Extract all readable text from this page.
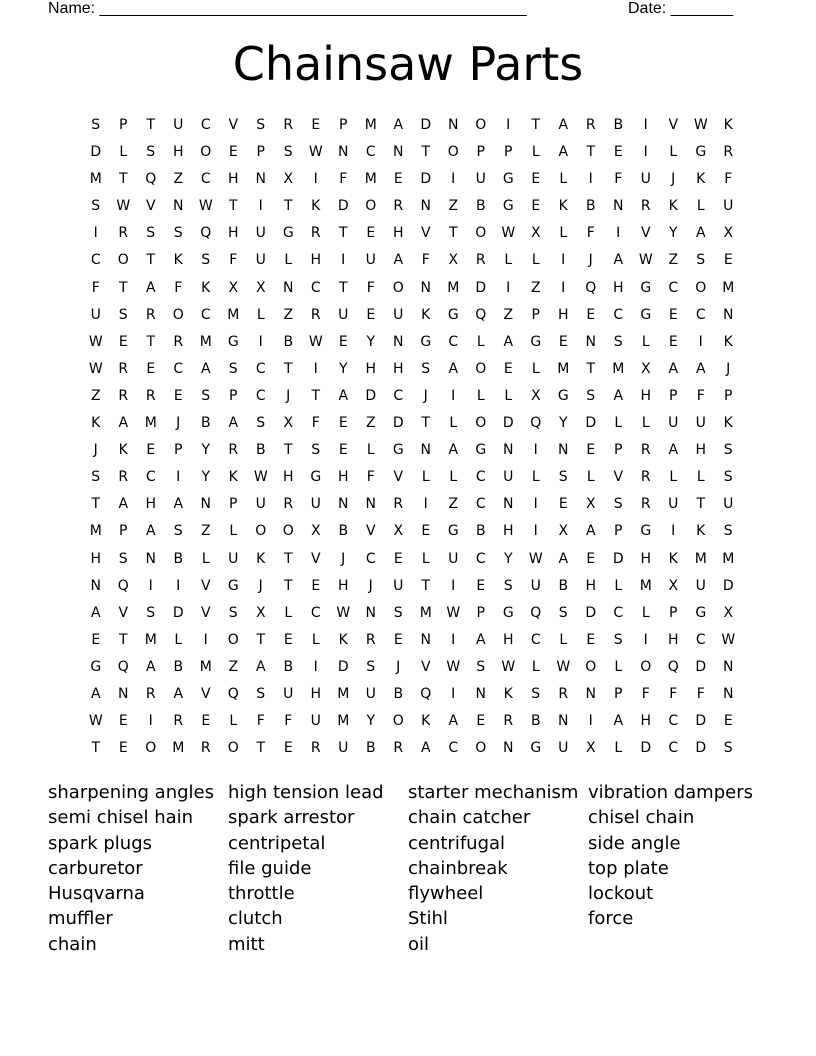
Name: ________________________________________________	Date: _______
Chainsaw Parts
S	P	T	U	C	V	S	R	E	P	M	A	D	N	O	I	T	A	R	B	I	V	W	K
D	L	S	H	O	E	P	S	W	N	C	N	T	O	P	P	L	A	T	E	I	L	G	R
M	T	Q	Z	C	H	N	X	I	F	M	E	D	I	U	G	E	L	I	F	U	J	K	F
S	W	V	N	W	T	I	T	K	D	O	R	N	Z	B	G	E	K	B	N	R	K	L	U
I	R	S	S	Q	H	U	G	R	T	E	H	V	T	O	W	X	L	F	I	V	Y	A	X
C	O	T	K	S	F	U	L	H	I	U	A	F	X	R	L	L	I	J	A	W	Z	S	E
F	T	A	F	K	X	X	N	C	T	F	O	N	M	D	I	Z	I	Q	H	G	C	O	M
U	S	R	O	C	M	L	Z	R	U	E	U	K	G	Q	Z	P	H	E	C	G	E	C	N
W	E	T	R	M	G	I	B	W	E	Y	N	G	C	L	A	G	E	N	S	L	E	I	K
W	R	E	C	A	S	C	T	I	Y	H	H	S	A	O	E	L	M	T	M	X	A	A	J
Z	R	R	E	S	P	C	J	T	A	D	C	J	I	L	L	X	G	S	A	H	P	F	P
K	A	M	J	B	A	S	X	F	E	Z	D	T	L	O	D	Q	Y	D	L	L	U	U	K
J	K	E	P	Y	R	B	T	S	E	L	G	N	A	G	N	I	N	E	P	R	A	H	S
S	R	C	I	Y	K	W	H	G	H	F	V	L	L	C	U	L	S	L	V	R	L	L	S
T	A	H	A	N	P	U	R	U	N	N	R	I	Z	C	N	I	E	X	S	R	U	T	U
M	P	A	S	Z	L	O	O	X	B	V	X	E	G	B	H	I	X	A	P	G	I	K	S
H	S	N	B	L	U	K	T	V	J	C	E	L	U	C	Y	W	A	E	D	H	K	M	M
N	Q	I	I	V	G	J	T	E	H	J	U	T	I	E	S	U	B	H	L	M	X	U	D
A	V	S	D	V	S	X	L	C	W	N	S	M	W	P	G	Q	S	D	C	L	P	G	X
E	T	M	L	I	O	T	E	L	K	R	E	N	I	A	H	C	L	E	S	I	H	C	W
G	Q	A	B	M	Z	A	B	I	D	S	J	V	W	S	W	L	W	O	L	O	Q	D	N
A	N	R	A	V	Q	S	U	H	M	U	B	Q	I	N	K	S	R	N	P	F	F	F	N
W	E	I	R	E	L	F	F	U	M	Y	O	K	A	E	R	B	N	I	A	H	C	D	E
T	E	O	M	R	O	T	E	R	U	B	R	A	C	O	N	G	U	X	L	D	C	D	S
sharpening angles
semi chisel hain
spark plugs
carburetor
Husqvarna
muffler
chain
high tension lead
spark arrestor
centripetal
file guide
throttle
clutch
mitt
starter mechanism
chain catcher
centrifugal
chainbreak
flywheel
Stihl
oil
vibration dampers
chisel chain
side angle
top plate
lockout
force
